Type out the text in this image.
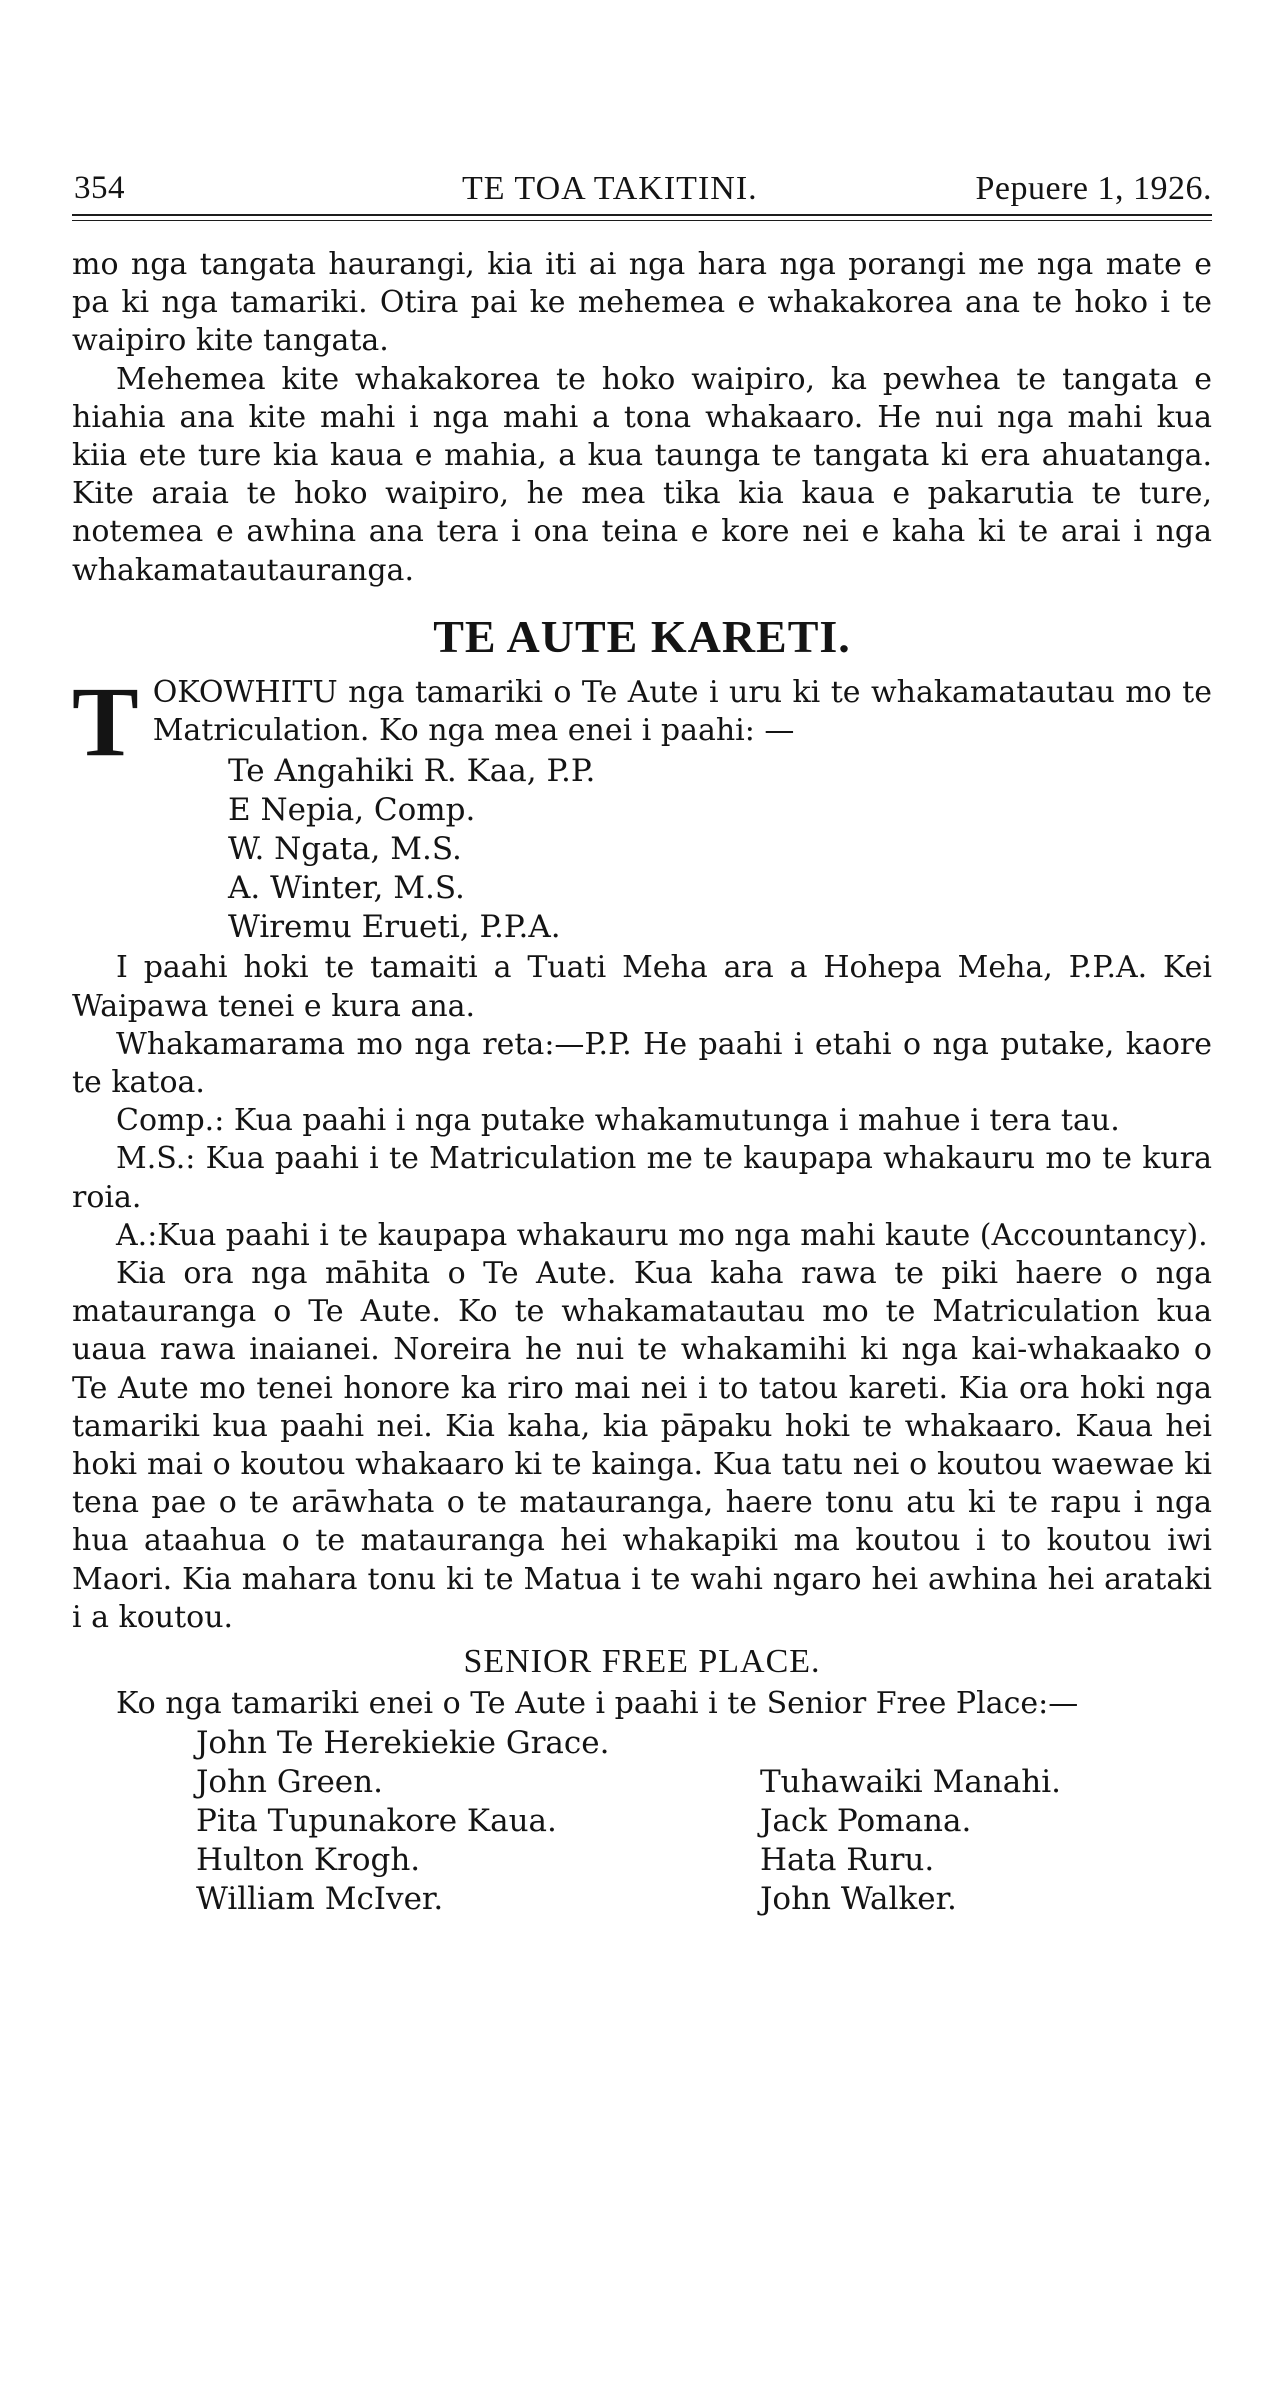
354	TE TOA TAKITINI.	Pepuere 1, 1926.

mo nga tangata haurangi, kia iti ai nga hara nga porangi me nga mate e pa ki nga tamariki. Otira pai ke mehemea e whakakorea ana te hoko i te waipiro kite tangata.

Mehemea kite whakakorea te hoko waipiro, ka pewhea te tangata e hiahia ana kite mahi i nga mahi a tona whakaaro. He nui nga mahi kua kiia ete ture kia kaua e mahia, a kua taunga te tangata ki era ahuatanga. Kite araia te hoko waipiro, he mea tika kia kaua e pakarutia te ture, notemea e awhina ana tera i ona teina e kore nei e kaha ki te arai i nga whakamatautauranga.

TE AUTE KARETI.
T OKOWHITU nga tamariki o Te Aute i uru ki te whakamatautau mo te Matriculation. Ko nga mea enei i paahi: —

Te Angahiki R. Kaa, P.P.
E Nepia, Comp.
W. Ngata, M.S.
A. Winter, M.S.
Wiremu Erueti, P.P.A.

I paahi hoki te tamaiti a Tuati Meha ara a Hohepa Meha, P.P.A. Kei Waipawa tenei e kura ana.

Whakamarama mo nga reta:—P.P. He paahi i etahi o nga putake, kaore te katoa.

Comp.: Kua paahi i nga putake whakamutunga i mahue i tera tau.

M.S.: Kua paahi i te Matriculation me te kaupapa whakauru mo te kura roia.

A.:Kua paahi i te kaupapa whakauru mo nga mahi kaute (Accountancy).

Kia ora nga māhita o Te Aute. Kua kaha rawa te piki haere o nga matauranga o Te Aute. Ko te whakamatautau mo te Matriculation kua uaua rawa inaianei. Noreira he nui te whakamihi ki nga kai-whakaako o Te Aute mo tenei honore ka riro mai nei i to tatou kareti. Kia ora hoki nga tamariki kua paahi nei. Kia kaha, kia pāpaku hoki te whakaaro. Kaua hei hoki mai o koutou whakaaro ki te kainga. Kua tatu nei o koutou waewae ki tena pae o te arāwhata o te matauranga, haere tonu atu ki te rapu i nga hua ataahua o te matauranga hei whakapiki ma koutou i to koutou iwi Maori. Kia mahara tonu ki te Matua i te wahi ngaro hei awhina hei arataki i a koutou.

SENIOR FREE PLACE.

Ko nga tamariki enei o Te Aute i paahi i te Senior Free Place:—

John Te Herekiekie Grace.
John Green.
Pita Tupunakore Kaua.
Hulton Krogh.
William McIver.
Tuhawaiki Manahi.
Jack Pomana.
Hata Ruru.
John Walker.
